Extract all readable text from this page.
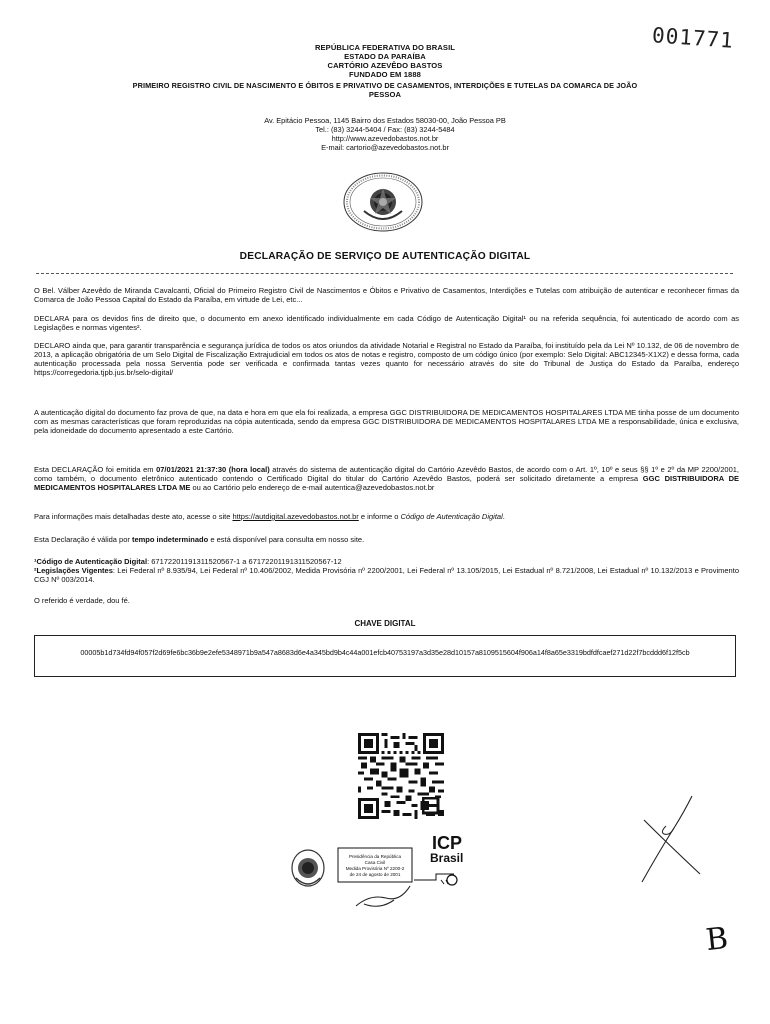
001771
REPÚBLICA FEDERATIVA DO BRASIL
ESTADO DA PARAÍBA
CARTÓRIO AZEVÊDO BASTOS
FUNDADO EM 1888
PRIMEIRO REGISTRO CIVIL DE NASCIMENTO E ÓBITOS E PRIVATIVO DE CASAMENTOS, INTERDIÇÕES E TUTELAS DA COMARCA DE JOÃO
PESSOA
Av. Epitácio Pessoa, 1145 Bairro dos Estados 58030-00, João Pessoa PB
Tel.: (83) 3244-5404 / Fax: (83) 3244-5484
http://www.azevedobastos.not.br
E-mail: cartorio@azevedobastos.not.br
DECLARAÇÃO DE SERVIÇO DE AUTENTICAÇÃO DIGITAL
O Bel. Válber Azevêdo de Miranda Cavalcanti, Oficial do Primeiro Registro Civil de Nascimentos e Óbitos e Privativo de Casamentos, Interdições e Tutelas com atribuição de autenticar e reconhecer firmas da Comarca de João Pessoa Capital do Estado da Paraíba, em virtude de Lei, etc...
DECLARA para os devidos fins de direito que, o documento em anexo identificado individualmente em cada Código de Autenticação Digital¹ ou na referida sequência, foi autenticado de acordo com as Legislações e normas vigentes².
DECLARO ainda que, para garantir transparência e segurança jurídica de todos os atos oriundos da atividade Notarial e Registral no Estado da Paraíba, foi instituído pela da Lei Nº 10.132, de 06 de novembro de 2013, a aplicação obrigatória de um Selo Digital de Fiscalização Extrajudicial em todos os atos de notas e registro, composto de um código único (por exemplo: Selo Digital: ABC12345-X1X2) e dessa forma, cada autenticação processada pela nossa Serventia pode ser verificada e confirmada tantas vezes quanto for necessário através do site do Tribunal de Justiça do Estado da Paraíba, endereço https://corregedoria.tjpb.jus.br/selo-digital/
A autenticação digital do documento faz prova de que, na data e hora em que ela foi realizada, a empresa GGC DISTRIBUIDORA DE MEDICAMENTOS HOSPITALARES LTDA ME tinha posse de um documento com as mesmas características que foram reproduzidas na cópia autenticada, sendo da empresa GGC DISTRIBUIDORA DE MEDICAMENTOS HOSPITALARES LTDA ME a responsabilidade, única e exclusiva, pela idoneidade do documento apresentado a este Cartório.
Esta DECLARAÇÃO foi emitida em 07/01/2021 21:37:30 (hora local) através do sistema de autenticação digital do Cartório Azevêdo Bastos, de acordo com o Art. 1º, 10º e seus §§ 1º e 2º da MP 2200/2001, como também, o documento eletrônico autenticado contendo o Certificado Digital do titular do Cartório Azevêdo Bastos, poderá ser solicitado diretamente a empresa GGC DISTRIBUIDORA DE MEDICAMENTOS HOSPITALARES LTDA ME ou ao Cartório pelo endereço de e-mail autentica@azevedobastos.not.br
Para informações mais detalhadas deste ato, acesse o site https://autdigital.azevedobastos.not.br e informe o Código de Autenticação Digital.
Esta Declaração é válida por tempo indeterminado e está disponível para consulta em nosso site.
¹Código de Autenticação Digital: 67172201191311520567-1 a 67172201191311520567-12
²Legislações Vigentes: Lei Federal nº 8.935/94, Lei Federal nº 10.406/2002, Medida Provisória nº 2200/2001, Lei Federal nº 13.105/2015, Lei Estadual nº 8.721/2008, Lei Estadual nº 10.132/2013 e Provimento CGJ Nº 003/2014.
O referido é verdade, dou fé.
CHAVE DIGITAL
00005b1d734fd94f057f2d69fe6bc36b9e2efe5348971b9a547a8683d6e4a345bd9b4c44a001efcb40753197a3d35e28d10157a8109515604f906a14f8a65e3319bdfdfcaef271d22f7bcddd6f12f5cb
Presidência da República
Casa Civil
Medida Provisória Nº 2200-2
de 24 de agosto de 2001
ICP
Brasil
B
